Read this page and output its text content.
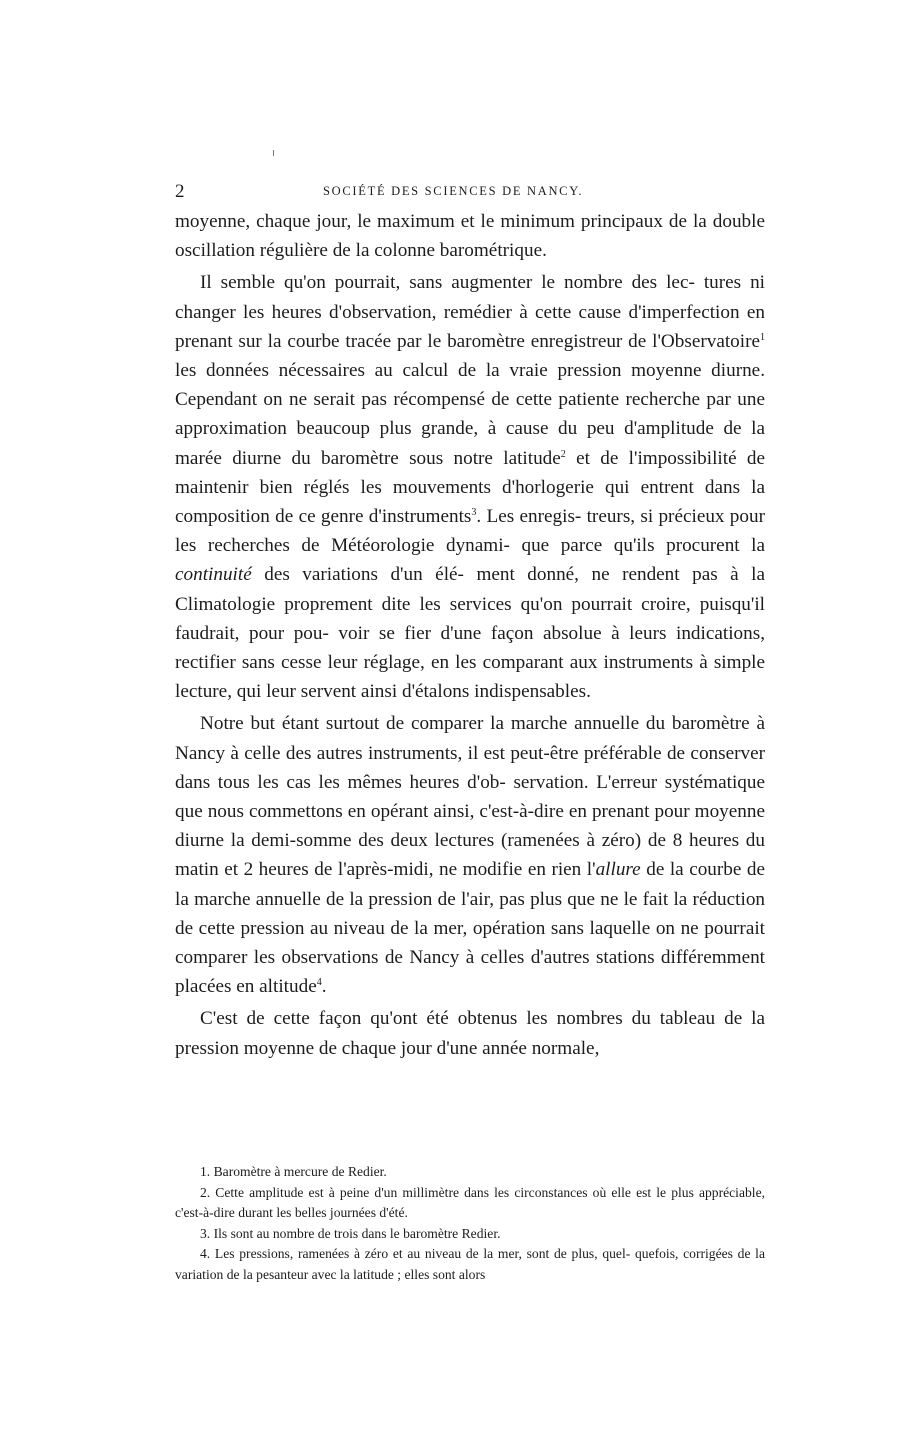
2	SOCIÉTÉ DES SCIENCES DE NANCY.

moyenne, chaque jour, le maximum et le minimum principaux de la double oscillation régulière de la colonne barométrique.

Il semble qu'on pourrait, sans augmenter le nombre des lec- tures ni changer les heures d'observation, remédier à cette cause d'imperfection en prenant sur la courbe tracée par le baromètre enregistreur de l'Observatoire$^1$ les données nécessaires au calcul de la vraie pression moyenne diurne. Cependant on ne serait pas récompensé de cette patiente recherche par une approximation beaucoup plus grande, à cause du peu d'amplitude de la marée diurne du baromètre sous notre latitude$^2$ et de l'impossibilité de maintenir bien réglés les mouvements d'horlogerie qui entrent dans la composition de ce genre d'instruments$^3$. Les enregis- treurs, si précieux pour les recherches de Météorologie dynami- que parce qu'ils procurent la continuité des variations d'un élé- ment donné, ne rendent pas à la Climatologie proprement dite les services qu'on pourrait croire, puisqu'il faudrait, pour pou- voir se fier d'une façon absolue à leurs indications, rectifier sans cesse leur réglage, en les comparant aux instruments à simple lecture, qui leur servent ainsi d'étalons indispensables.

Notre but étant surtout de comparer la marche annuelle du baromètre à Nancy à celle des autres instruments, il est peut-être préférable de conserver dans tous les cas les mêmes heures d'ob- servation. L'erreur systématique que nous commettons en opérant ainsi, c'est-à-dire en prenant pour moyenne diurne la demi-somme des deux lectures (ramenées à zéro) de 8 heures du matin et 2 heures de l'après-midi, ne modifie en rien l'allure de la courbe de la marche annuelle de la pression de l'air, pas plus que ne le fait la réduction de cette pression au niveau de la mer, opération sans laquelle on ne pourrait comparer les observations de Nancy à celles d'autres stations différemment placées en altitude$^4$.

C'est de cette façon qu'ont été obtenus les nombres du tableau de la pression moyenne de chaque jour d'une année normale,

1. Baromètre à mercure de Redier.

2. Cette amplitude est à peine d'un millimètre dans les circonstances où elle est le plus appréciable, c'est-à-dire durant les belles journées d'été.

3. Ils sont au nombre de trois dans le baromètre Redier.

4. Les pressions, ramenées à zéro et au niveau de la mer, sont de plus, quel- quefois, corrigées de la variation de la pesanteur avec la latitude ; elles sont alors
